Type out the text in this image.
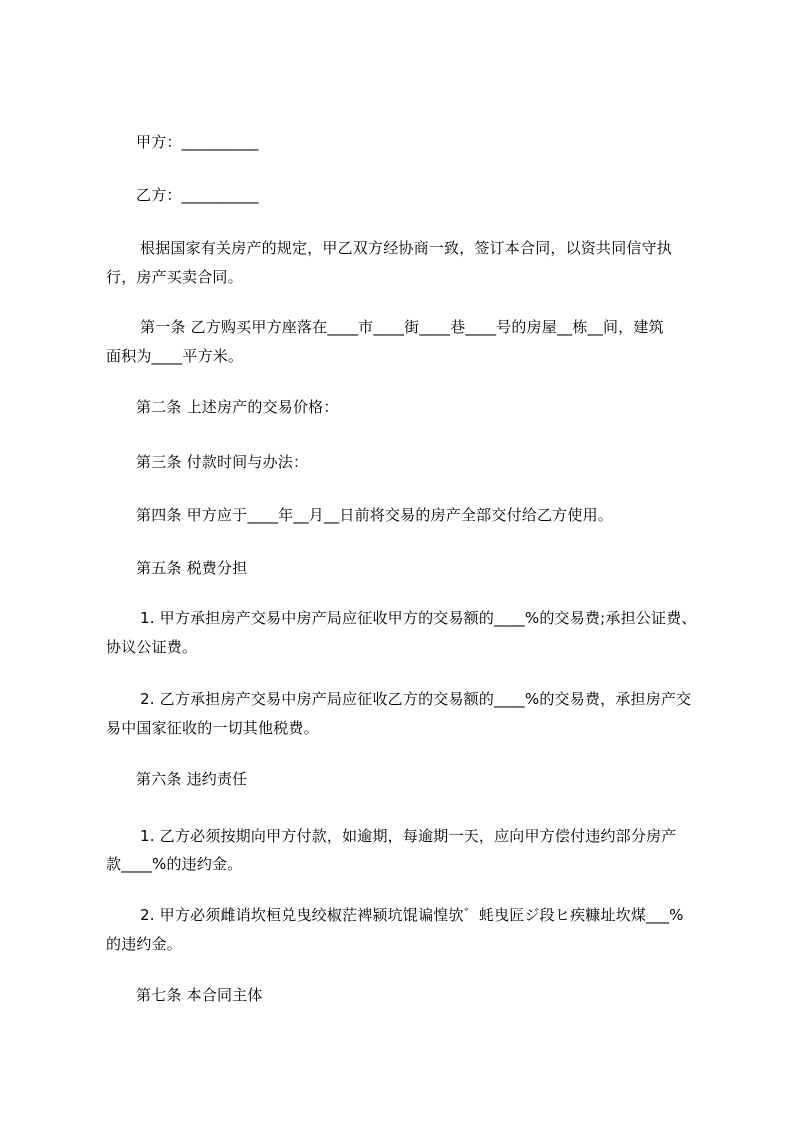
甲方：__________
乙方：__________
根据国家有关房产的规定，甲乙双方经协商一致，签订本合同，以资共同信守执
行，房产买卖合同。
第一条 乙方购买甲方座落在____市____街____巷____号的房屋__栋__间，建筑
面积为____平方米。
第二条 上述房产的交易价格：
第三条 付款时间与办法：
第四条 甲方应于____年__月__日前将交易的房产全部交付给乙方使用。
第五条 税费分担
1. 甲方承担房产交易中房产局应征收甲方的交易额的____%的交易费;承担公证费、
协议公证费。
2. 乙方承担房产交易中房产局应征收乙方的交易额的____%的交易费，承担房产交
易中国家征收的一切其他税费。
第六条 违约责任
1. 乙方必须按期向甲方付款，如逾期，每逾期一天，应向甲方偿付违约部分房产
款____%的违约金。
2. 甲方必须雌诮坎桓兑曳绞椒茫裨颍坑馄谝惶欤゛蚝曳匠ジ段ヒ疾糠址坎煤___%
的违约金。
第七条 本合同主体
